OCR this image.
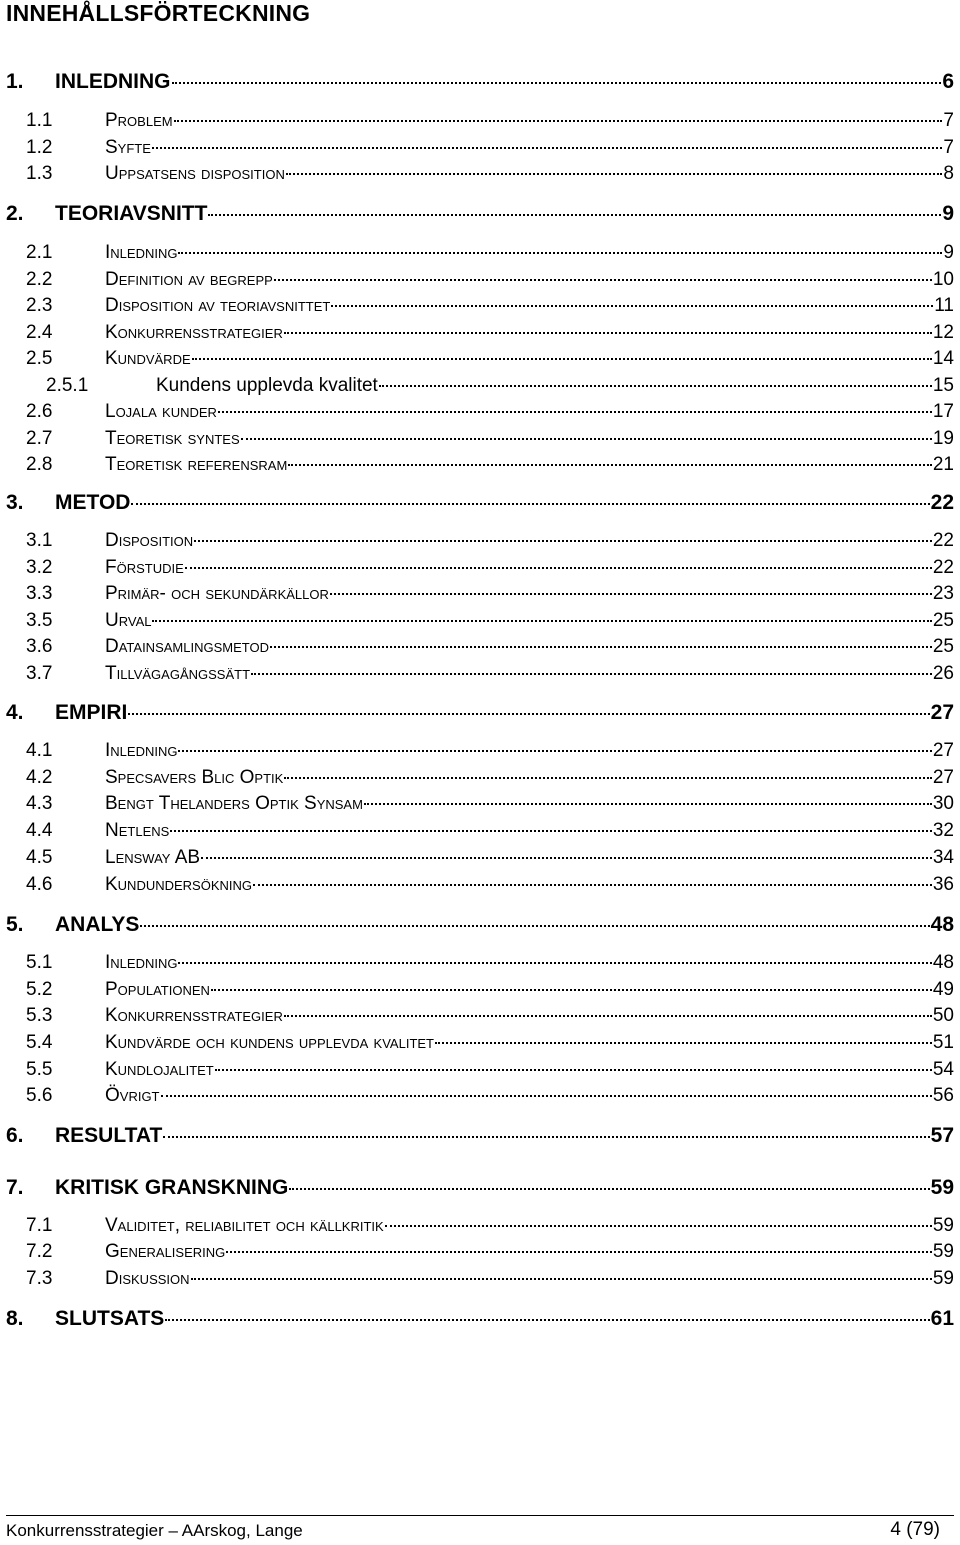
INNEHÅLLSFÖRTECKNING
1. INLEDNING	6
1.1	Problem	7
1.2	Syfte	7
1.3	Uppsatsens disposition	8
2. TEORIAVSNITT	9
2.1	Inledning	9
2.2	Definition av begrepp	10
2.3	Disposition av teoriavsnittet	11
2.4	Konkurrensstrategier	12
2.5	Kundvärde	14
2.5.1	Kundens upplevda kvalitet	15
2.6	Lojala kunder	17
2.7	Teoretisk syntes	19
2.8	Teoretisk referensram	21
3. METOD	22
3.1	Disposition	22
3.2	Förstudie	22
3.3	Primär- och sekundärkällor	23
3.5	Urval	25
3.6	Datainsamlingsmetod	25
3.7	Tillvägagångssätt	26
4. EMPIRI	27
4.1	Inledning	27
4.2	Specsavers Blic Optik	27
4.3	Bengt Thelanders Optik Synsam	30
4.4	Netlens	32
4.5	Lensway AB	34
4.6	Kundundersökning	36
5. ANALYS	48
5.1	Inledning	48
5.2	Populationen	49
5.3	Konkurrensstrategier	50
5.4	Kundvärde och kundens upplevda kvalitet	51
5.5	Kundlojalitet	54
5.6	Övrigt	56
6. RESULTAT	57
7. KRITISK GRANSKNING	59
7.1	Validitet, reliabilitet och källkritik	59
7.2	Generalisering	59
7.3	Diskussion	59
8. SLUTSATS	61
Konkurrensstrategier – AArskog, Lange	4 (79)
